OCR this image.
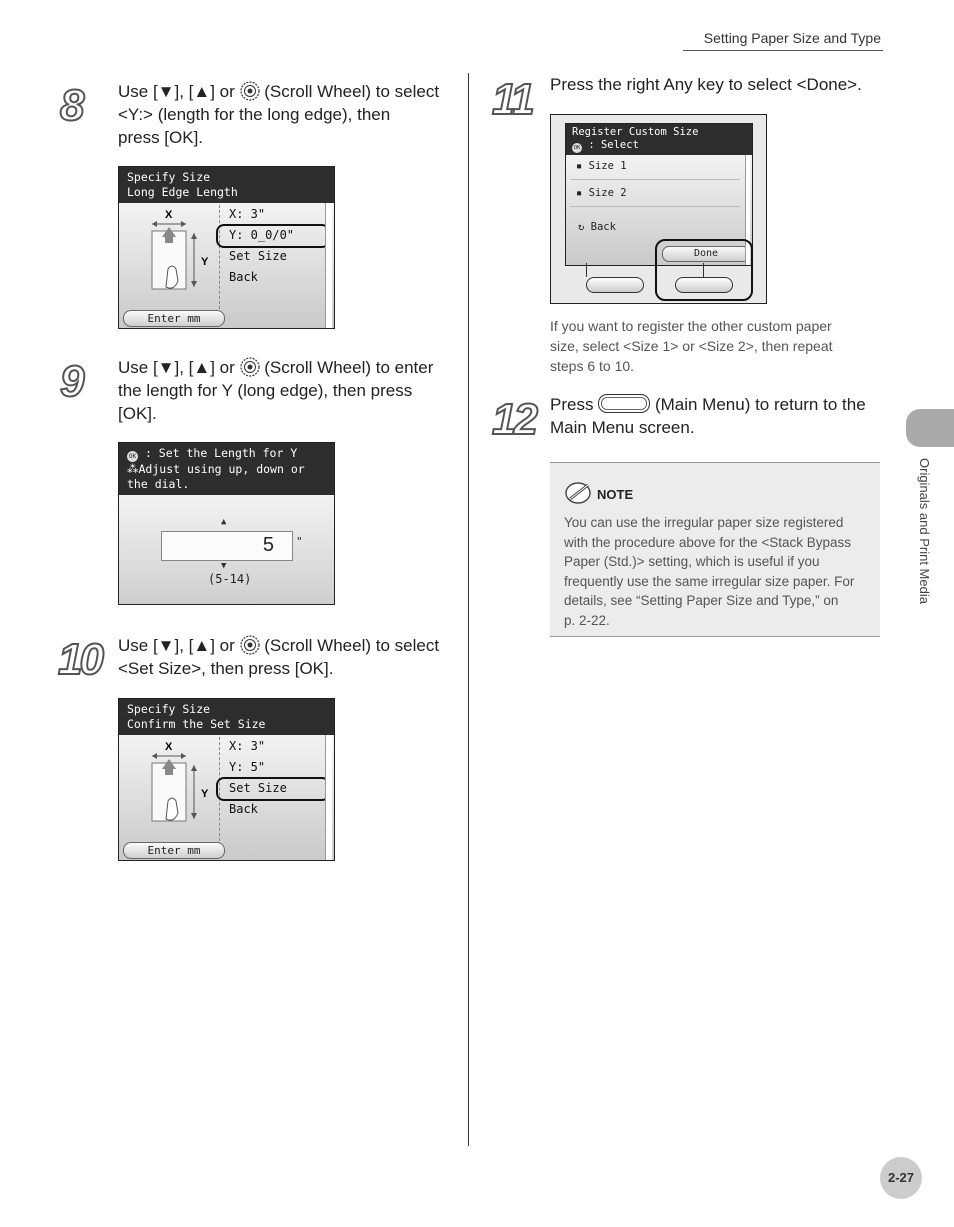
Setting Paper Size and Type
8 Use [▼], [▲] or (Scroll Wheel) to select
<Y:> (length for the long edge), then
press [OK].
Specify Size
Long Edge Length
X
Y
X: 3"
Y: 0_0/0"
Set Size
Back
Enter mm
9 Use [▼], [▲] or (Scroll Wheel) to enter
the length for Y (long edge), then press
[OK].
OK : Set the Length for Y
⁂Adjust using up, down or the dial.
▲
5 "
▼
(5-14)
10 Use [▼], [▲] or (Scroll Wheel) to select
<Set Size>, then press [OK].
Specify Size
Confirm the Set Size
X
Y
X: 3"
Y: 5"
Set Size
Back
Enter mm
11 Press the right Any key to select <Done>.
Register Custom Size
OK : Select
▪ Size 1
▪ Size 2
↻ Back
Done
If you want to register the other custom paper
size, select <Size 1> or <Size 2>, then repeat
steps 6 to 10.
12 Press	(Main Menu) to return to the
Main Menu screen.
NOTE
You can use the irregular paper size registered
with the procedure above for the <Stack Bypass
Paper (Std.)> setting, which is useful if you
frequently use the same irregular size paper. For
details, see “Setting Paper Size and Type,” on
p. 2-22.
Originals and Print Media
2-27
